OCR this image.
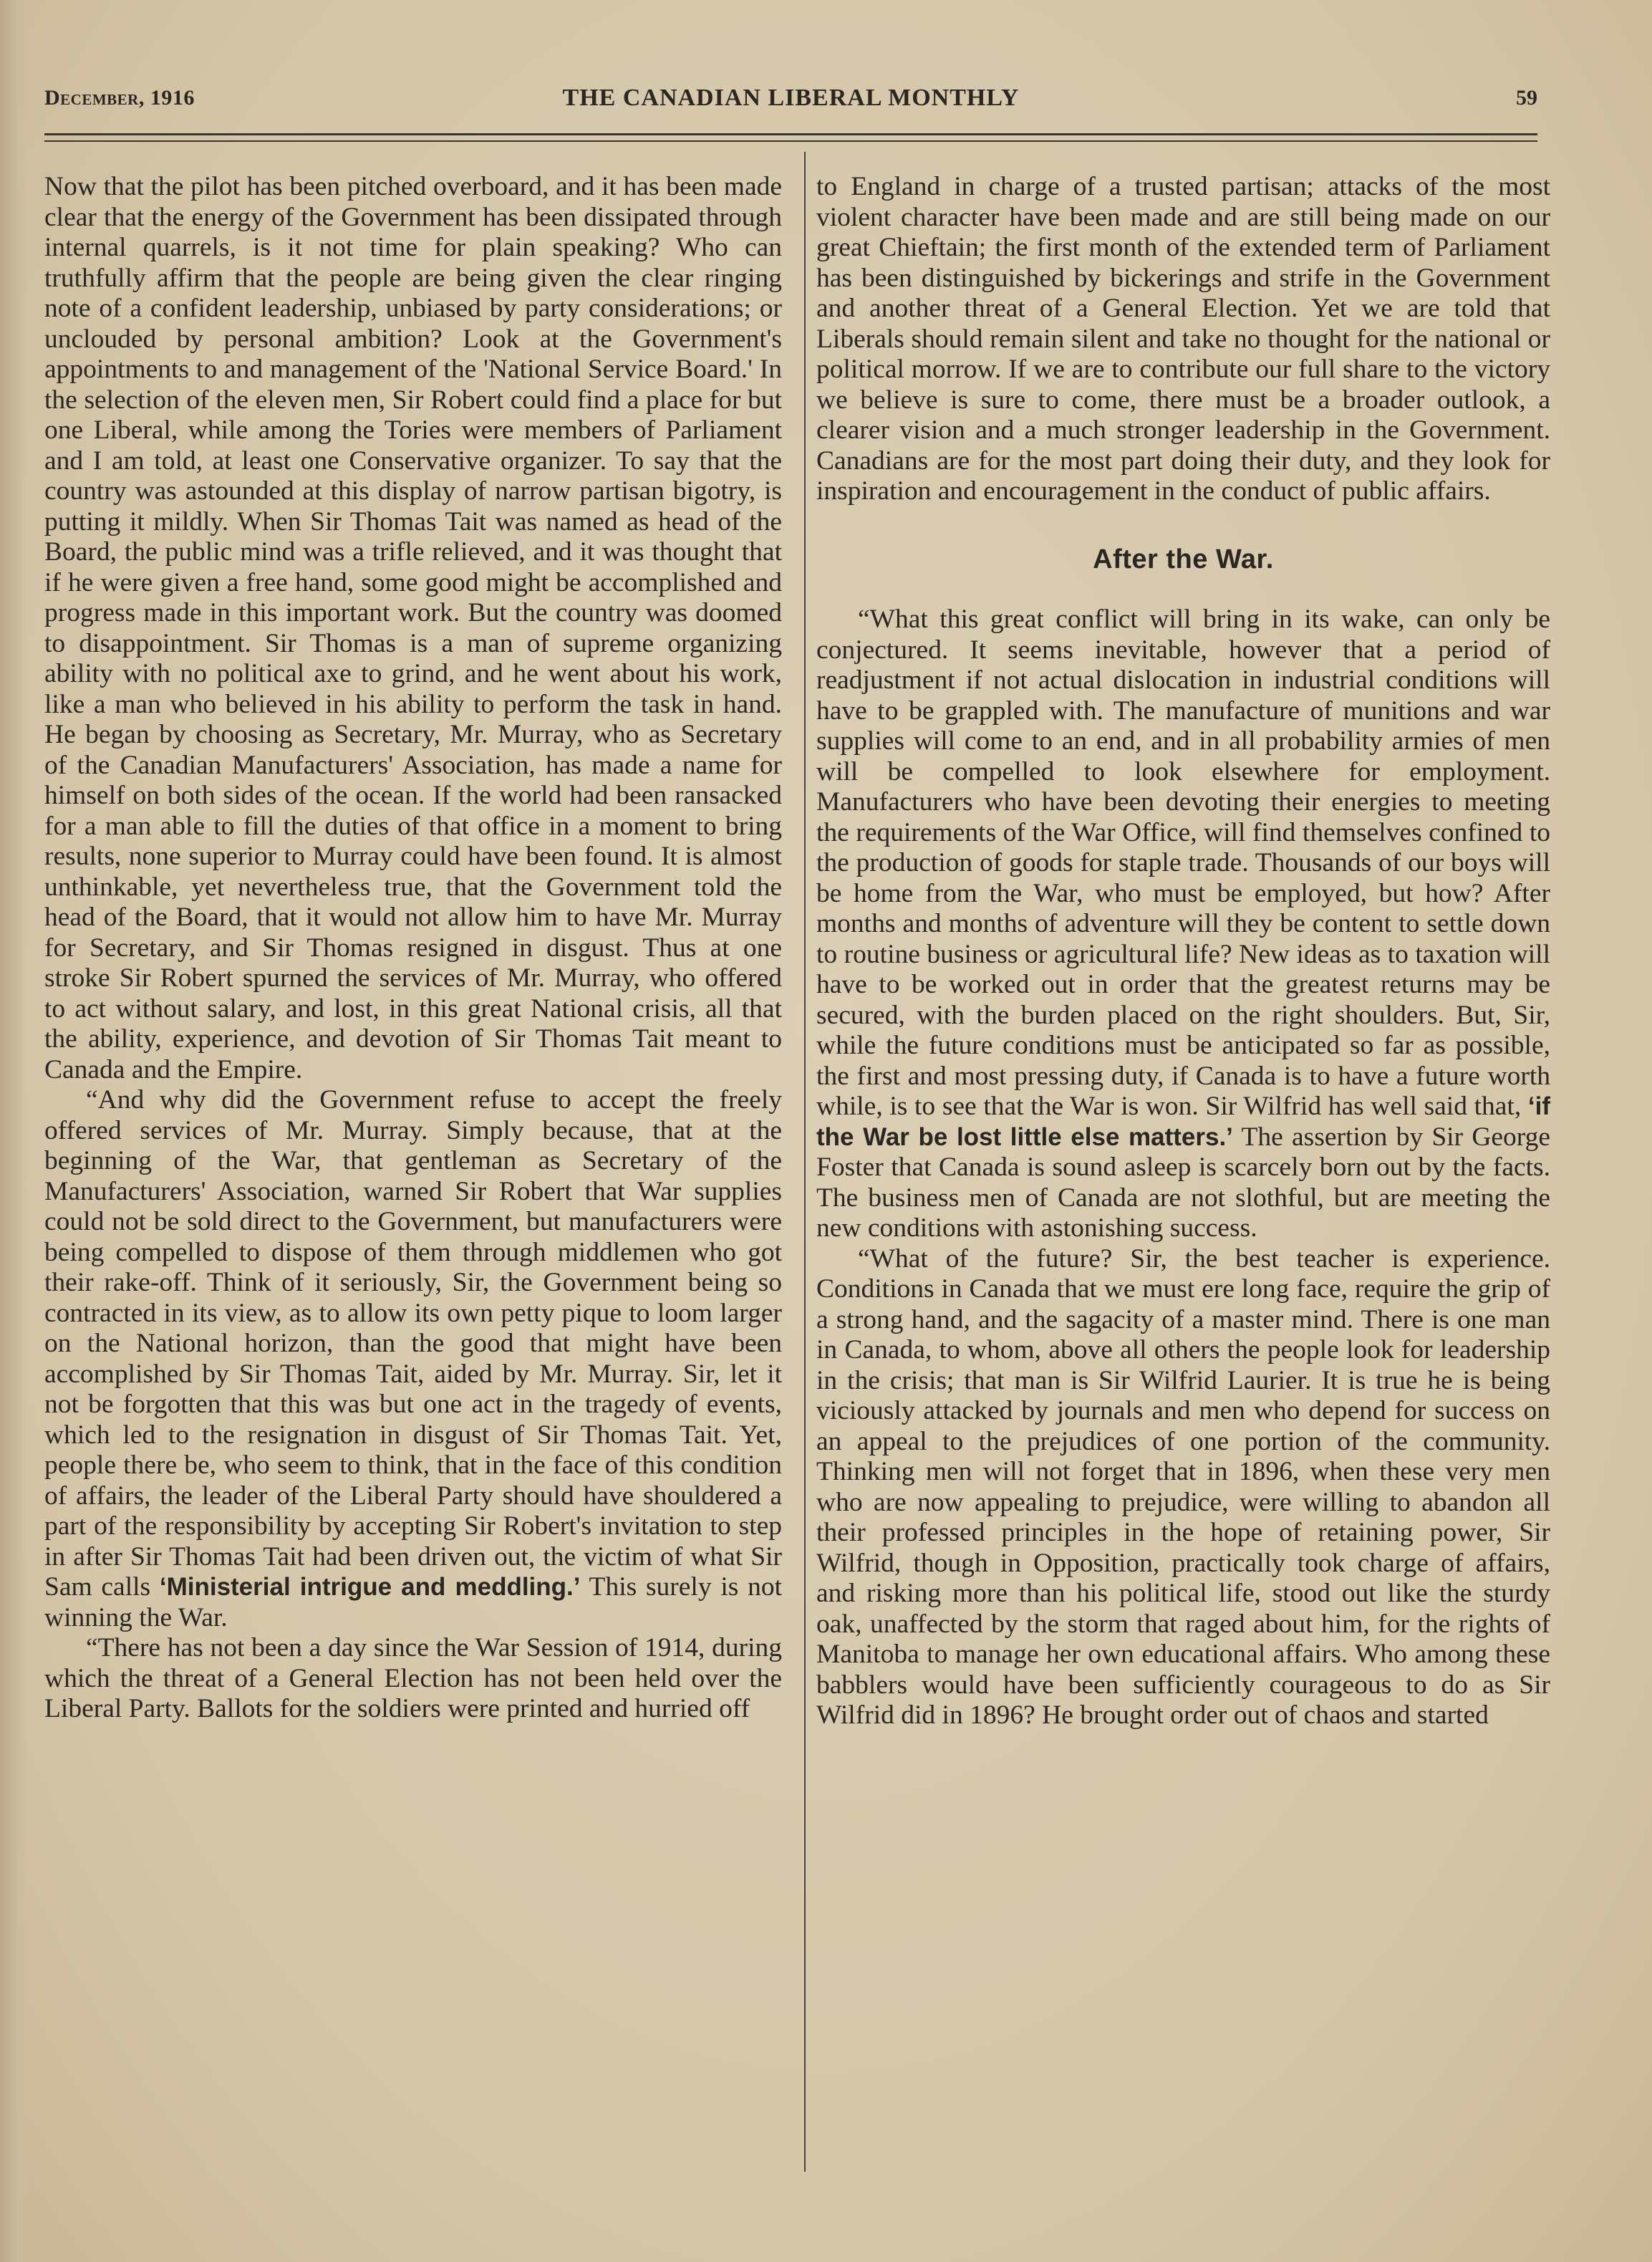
December, 1916	THE CANADIAN LIBERAL MONTHLY	59

Now that the pilot has been pitched overboard, and it has been made clear that the energy of the Government has been dissipated through internal quarrels, is it not time for plain speaking? Who can truthfully affirm that the people are being given the clear ringing note of a confident leadership, unbiased by party considerations; or unclouded by personal ambition? Look at the Government's appointments to and management of the 'National Service Board.' In the selection of the eleven men, Sir Robert could find a place for but one Liberal, while among the Tories were members of Parliament and I am told, at least one Conservative organizer. To say that the country was astounded at this display of narrow partisan bigotry, is putting it mildly. When Sir Thomas Tait was named as head of the Board, the public mind was a trifle relieved, and it was thought that if he were given a free hand, some good might be accomplished and progress made in this important work. But the country was doomed to disappointment. Sir Thomas is a man of supreme organizing ability with no political axe to grind, and he went about his work, like a man who believed in his ability to perform the task in hand. He began by choosing as Secretary, Mr. Murray, who as Secretary of the Canadian Manufacturers' Association, has made a name for himself on both sides of the ocean. If the world had been ransacked for a man able to fill the duties of that office in a moment to bring results, none superior to Murray could have been found. It is almost unthinkable, yet nevertheless true, that the Government told the head of the Board, that it would not allow him to have Mr. Murray for Secretary, and Sir Thomas resigned in disgust. Thus at one stroke Sir Robert spurned the services of Mr. Murray, who offered to act without salary, and lost, in this great National crisis, all that the ability, experience, and devotion of Sir Thomas Tait meant to Canada and the Empire.

“And why did the Government refuse to accept the freely offered services of Mr. Murray. Simply because, that at the beginning of the War, that gentleman as Secretary of the Manufacturers' Association, warned Sir Robert that War supplies could not be sold direct to the Government, but manufacturers were being compelled to dispose of them through middlemen who got their rake-off. Think of it seriously, Sir, the Government being so contracted in its view, as to allow its own petty pique to loom larger on the National horizon, than the good that might have been accomplished by Sir Thomas Tait, aided by Mr. Murray. Sir, let it not be forgotten that this was but one act in the tragedy of events, which led to the resignation in disgust of Sir Thomas Tait. Yet, people there be, who seem to think, that in the face of this condition of affairs, the leader of the Liberal Party should have shouldered a part of the responsibility by accepting Sir Robert's invitation to step in after Sir Thomas Tait had been driven out, the victim of what Sir Sam calls ‘Ministerial intrigue and meddling.’ This surely is not winning the War.

“There has not been a day since the War Session of 1914, during which the threat of a General Election has not been held over the Liberal Party. Ballots for the soldiers were printed and hurried off

to England in charge of a trusted partisan; attacks of the most violent character have been made and are still being made on our great Chieftain; the first month of the extended term of Parliament has been distinguished by bickerings and strife in the Government and another threat of a General Election. Yet we are told that Liberals should remain silent and take no thought for the national or political morrow. If we are to contribute our full share to the victory we believe is sure to come, there must be a broader outlook, a clearer vision and a much stronger leadership in the Government. Canadians are for the most part doing their duty, and they look for inspiration and encouragement in the conduct of public affairs.

After the War.

“What this great conflict will bring in its wake, can only be conjectured. It seems inevitable, however that a period of readjustment if not actual dislocation in industrial conditions will have to be grappled with. The manufacture of munitions and war supplies will come to an end, and in all probability armies of men will be compelled to look elsewhere for employment. Manufacturers who have been devoting their energies to meeting the requirements of the War Office, will find themselves confined to the production of goods for staple trade. Thousands of our boys will be home from the War, who must be employed, but how? After months and months of adventure will they be content to settle down to routine business or agricultural life? New ideas as to taxation will have to be worked out in order that the greatest returns may be secured, with the burden placed on the right shoulders. But, Sir, while the future conditions must be anticipated so far as possible, the first and most pressing duty, if Canada is to have a future worth while, is to see that the War is won. Sir Wilfrid has well said that, ‘if the War be lost little else matters.’ The assertion by Sir George Foster that Canada is sound asleep is scarcely born out by the facts. The business men of Canada are not slothful, but are meeting the new conditions with astonishing success.

“What of the future? Sir, the best teacher is experience. Conditions in Canada that we must ere long face, require the grip of a strong hand, and the sagacity of a master mind. There is one man in Canada, to whom, above all others the people look for leadership in the crisis; that man is Sir Wilfrid Laurier. It is true he is being viciously attacked by journals and men who depend for success on an appeal to the prejudices of one portion of the community. Thinking men will not forget that in 1896, when these very men who are now appealing to prejudice, were willing to abandon all their professed principles in the hope of retaining power, Sir Wilfrid, though in Opposition, practically took charge of affairs, and risking more than his political life, stood out like the sturdy oak, unaffected by the storm that raged about him, for the rights of Manitoba to manage her own educational affairs. Who among these babblers would have been sufficiently courageous to do as Sir Wilfrid did in 1896? He brought order out of chaos and started
